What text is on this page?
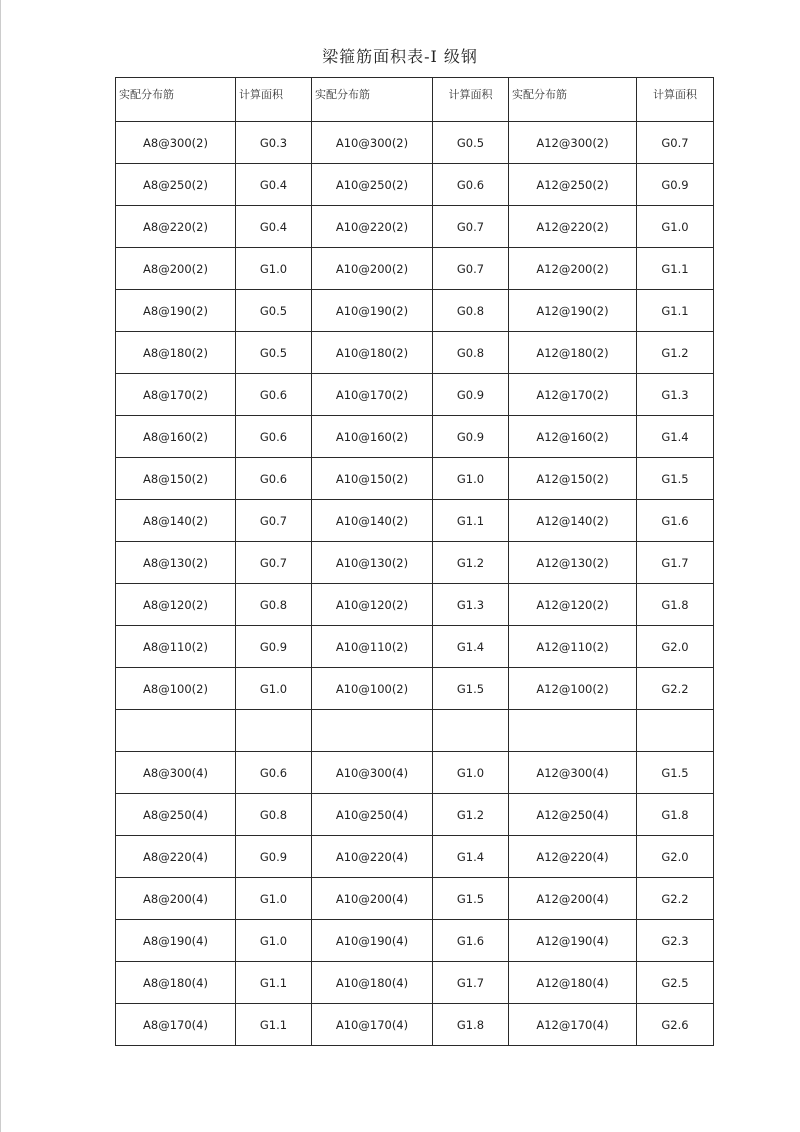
梁箍筋面积表-I 级钢
实配分布筋	计算面积	实配分布筋	计算面积	实配分布筋	计算面积
A8@300(2)	G0.3	A10@300(2)	G0.5	A12@300(2)	G0.7
A8@250(2)	G0.4	A10@250(2)	G0.6	A12@250(2)	G0.9
A8@220(2)	G0.4	A10@220(2)	G0.7	A12@220(2)	G1.0
A8@200(2)	G1.0	A10@200(2)	G0.7	A12@200(2)	G1.1
A8@190(2)	G0.5	A10@190(2)	G0.8	A12@190(2)	G1.1
A8@180(2)	G0.5	A10@180(2)	G0.8	A12@180(2)	G1.2
A8@170(2)	G0.6	A10@170(2)	G0.9	A12@170(2)	G1.3
A8@160(2)	G0.6	A10@160(2)	G0.9	A12@160(2)	G1.4
A8@150(2)	G0.6	A10@150(2)	G1.0	A12@150(2)	G1.5
A8@140(2)	G0.7	A10@140(2)	G1.1	A12@140(2)	G1.6
A8@130(2)	G0.7	A10@130(2)	G1.2	A12@130(2)	G1.7
A8@120(2)	G0.8	A10@120(2)	G1.3	A12@120(2)	G1.8
A8@110(2)	G0.9	A10@110(2)	G1.4	A12@110(2)	G2.0
A8@100(2)	G1.0	A10@100(2)	G1.5	A12@100(2)	G2.2

A8@300(4)	G0.6	A10@300(4)	G1.0	A12@300(4)	G1.5
A8@250(4)	G0.8	A10@250(4)	G1.2	A12@250(4)	G1.8
A8@220(4)	G0.9	A10@220(4)	G1.4	A12@220(4)	G2.0
A8@200(4)	G1.0	A10@200(4)	G1.5	A12@200(4)	G2.2
A8@190(4)	G1.0	A10@190(4)	G1.6	A12@190(4)	G2.3
A8@180(4)	G1.1	A10@180(4)	G1.7	A12@180(4)	G2.5
A8@170(4)	G1.1	A10@170(4)	G1.8	A12@170(4)	G2.6
